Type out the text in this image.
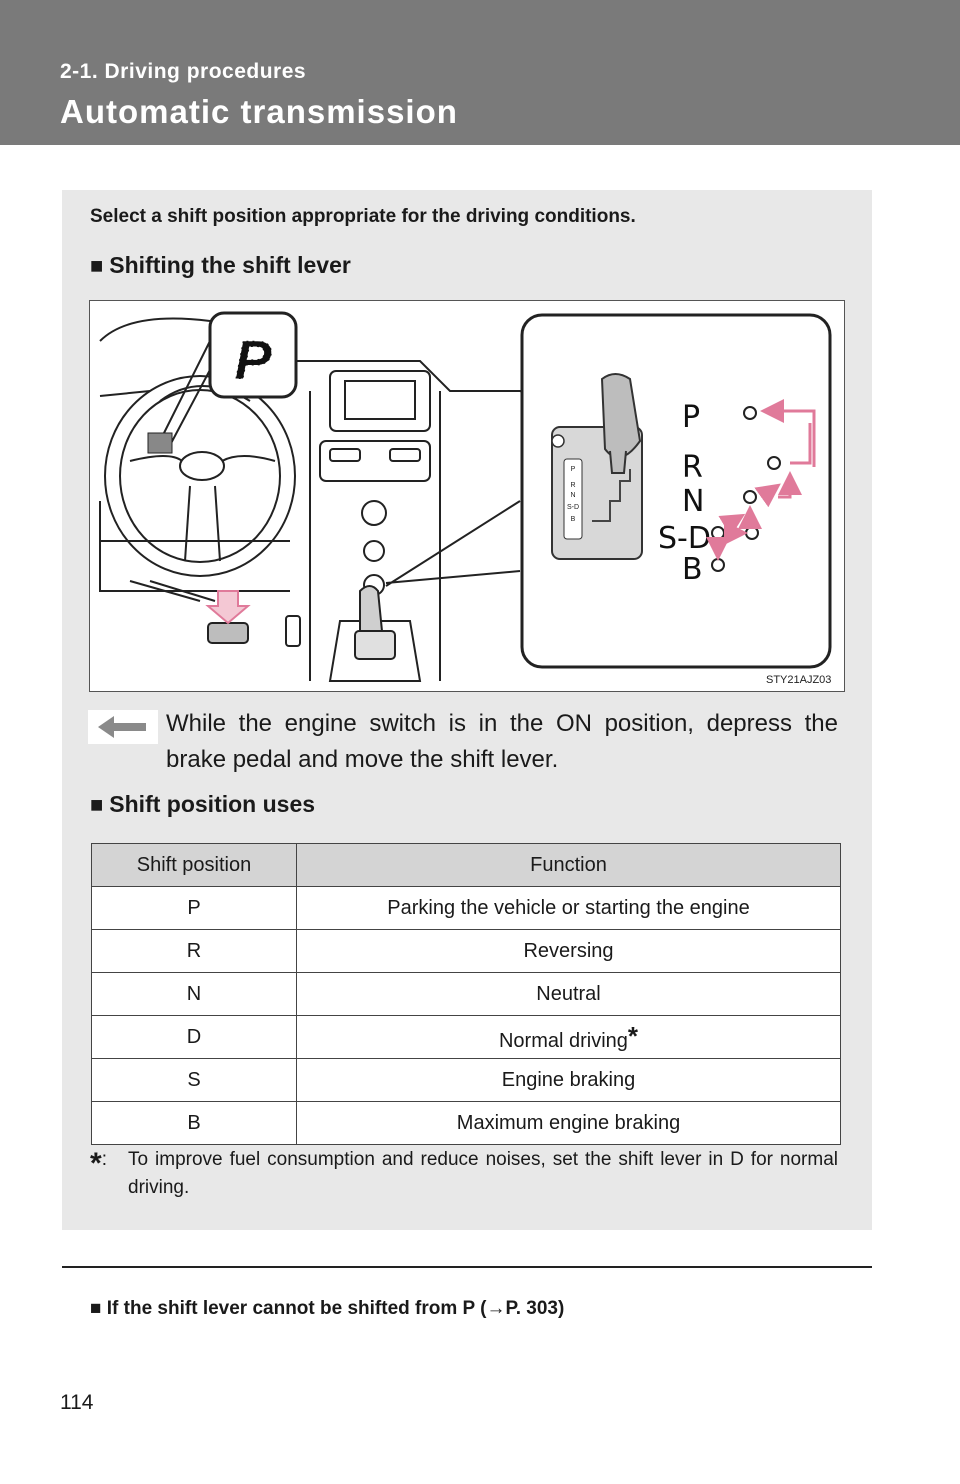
2-1. Driving procedures
Automatic transmission
Select a shift position appropriate for the driving conditions.
■ Shifting the shift lever
P
P
R
N
S-D
B
P
R
N
S-D
B
STY21AJZ03
While the engine switch is in the ON position, depress the brake pedal and move the shift lever.
■ Shift position uses
Shift position	Function
P	Parking the vehicle or starting the engine
R	Reversing
N	Neutral
D	Normal driving*
S	Engine braking
B	Maximum engine braking
*:	To improve fuel consumption and reduce noises, set the shift lever in D for normal driving.
■ If the shift lever cannot be shifted from P (→P. 303)
114
